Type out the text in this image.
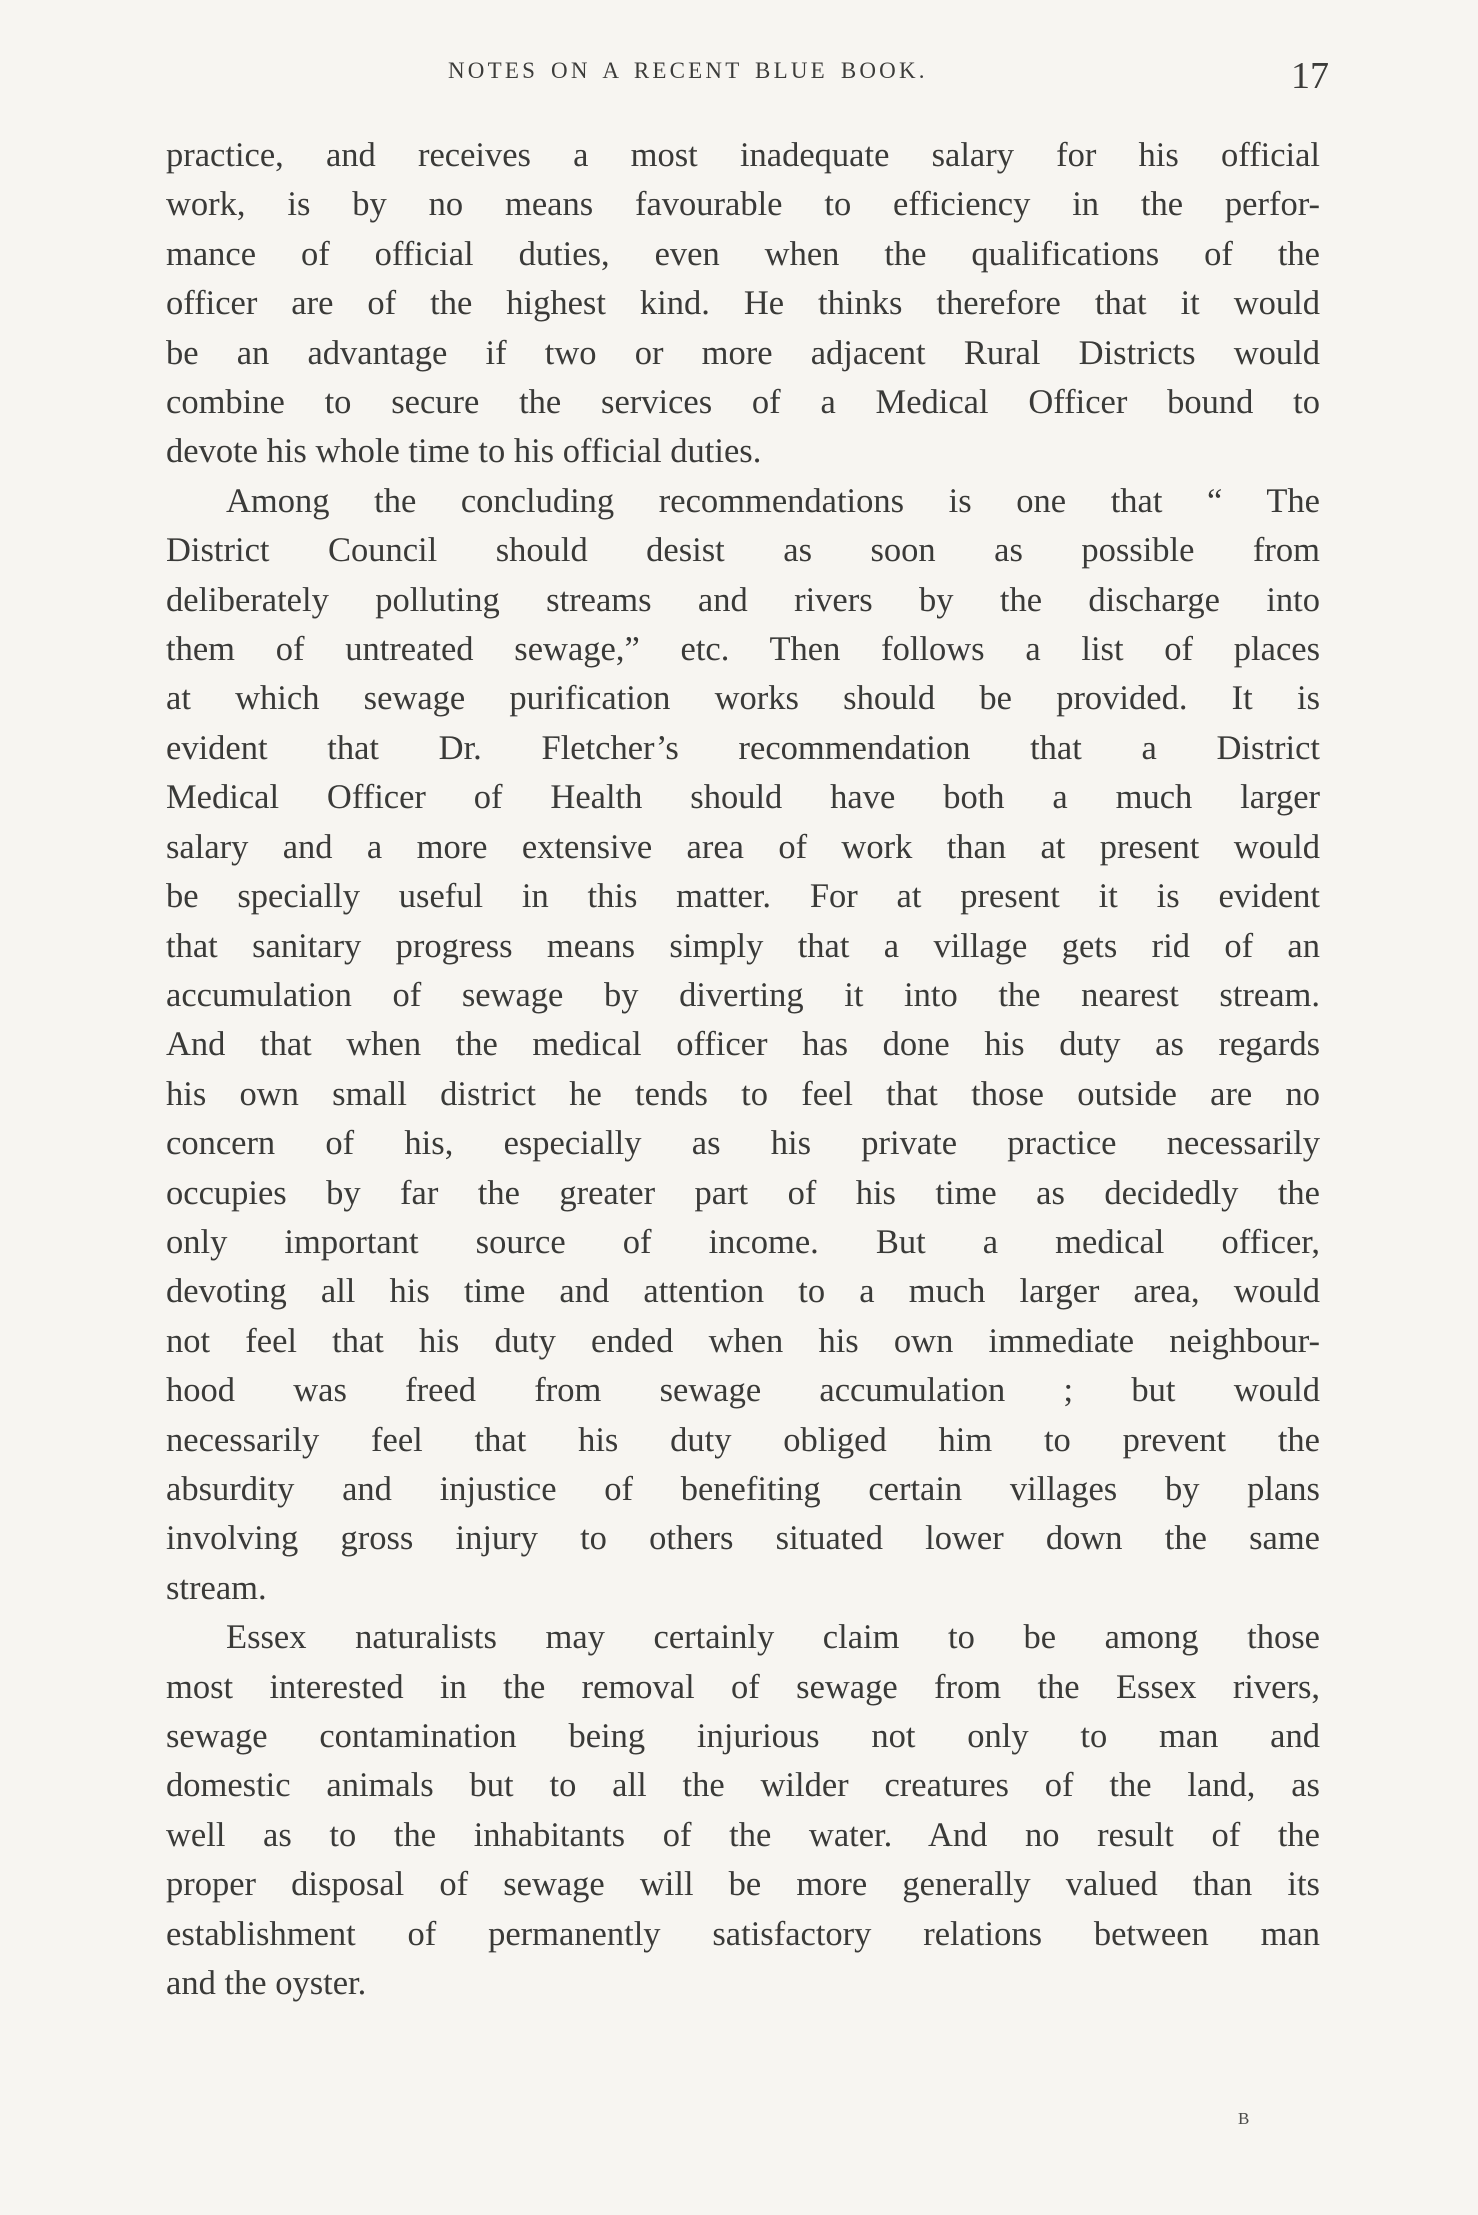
NOTES ON A RECENT BLUE BOOK.	17

practice, and receives a most inadequate salary for his official
work, is by no means favourable to efficiency in the perfor-
mance of official duties, even when the qualifications of the
officer are of the highest kind. He thinks therefore that it would
be an advantage if two or more adjacent Rural Districts would
combine to secure the services of a Medical Officer bound to
devote his whole time to his official duties.

Among the concluding recommendations is one that “ The
District Council should desist as soon as possible from
deliberately polluting streams and rivers by the discharge into
them of untreated sewage,” etc. Then follows a list of places
at which sewage purification works should be provided. It is
evident that Dr. Fletcher’s recommendation that a District
Medical Officer of Health should have both a much larger
salary and a more extensive area of work than at present would
be specially useful in this matter. For at present it is evident
that sanitary progress means simply that a village gets rid of an
accumulation of sewage by diverting it into the nearest stream.
And that when the medical officer has done his duty as regards
his own small district he tends to feel that those outside are no
concern of his, especially as his private practice necessarily
occupies by far the greater part of his time as decidedly the
only important source of income. But a medical officer,
devoting all his time and attention to a much larger area, would
not feel that his duty ended when his own immediate neighbour-
hood was freed from sewage accumulation ; but would
necessarily feel that his duty obliged him to prevent the
absurdity and injustice of benefiting certain villages by plans
involving gross injury to others situated lower down the same
stream.

Essex naturalists may certainly claim to be among those
most interested in the removal of sewage from the Essex rivers,
sewage contamination being injurious not only to man and
domestic animals but to all the wilder creatures of the land, as
well as to the inhabitants of the water. And no result of the
proper disposal of sewage will be more generally valued than its
establishment of permanently satisfactory relations between man
and the oyster.

B
